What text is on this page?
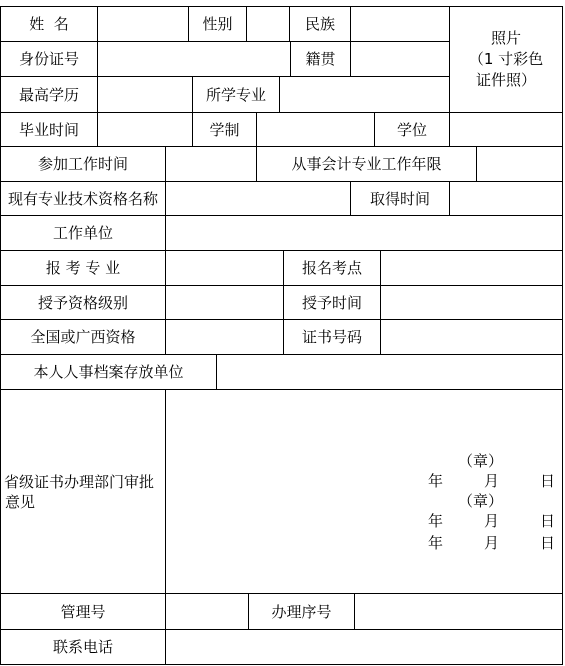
姓  名	性别	民族
照片
（1 寸彩色
证件照）
身份证号	籍贯
最高学历	所学专业
毕业时间	学制	学位
参加工作时间	从事会计专业工作年限
现有专业技术资格名称	取得时间
工作单位
报 考 专 业	报名考点
授予资格级别	授予时间
全国或广西资格	证书号码
本人人事档案存放单位
省级证书办理部门审批
意见
（章）
年	月	日
（章）
年	月	日
年	月	日
管理号	办理序号
联系电话
